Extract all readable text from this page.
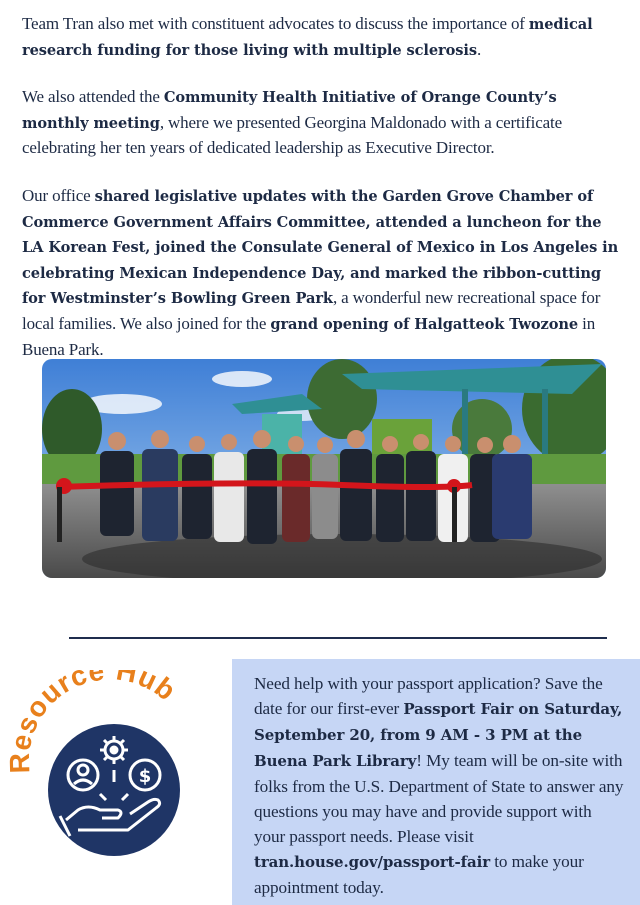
Team Tran also met with constituent advocates to discuss the importance of medical research funding for those living with multiple sclerosis.
We also attended the Community Health Initiative of Orange County’s monthly meeting, where we presented Georgina Maldonado with a certificate celebrating her ten years of dedicated leadership as Executive Director.
Our office shared legislative updates with the Garden Grove Chamber of Commerce Government Affairs Committee, attended a luncheon for the LA Korean Fest, joined the Consulate General of Mexico in Los Angeles in celebrating Mexican Independence Day, and marked the ribbon-cutting for Westminster’s Bowling Green Park, a wonderful new recreational space for local families. We also joined for the grand opening of Halgatteok Twozone in Buena Park.
esource Hub
$
Need help with your passport application? Save the date for our first-ever Passport Fair on Saturday, September 20, from 9 AM - 3 PM at the Buena Park Library! My team will be on-site with folks from the U.S. Department of State to answer any questions you may have and provide support with your passport needs. Please visit tran.house.gov/passport-fair to make your appointment today.
